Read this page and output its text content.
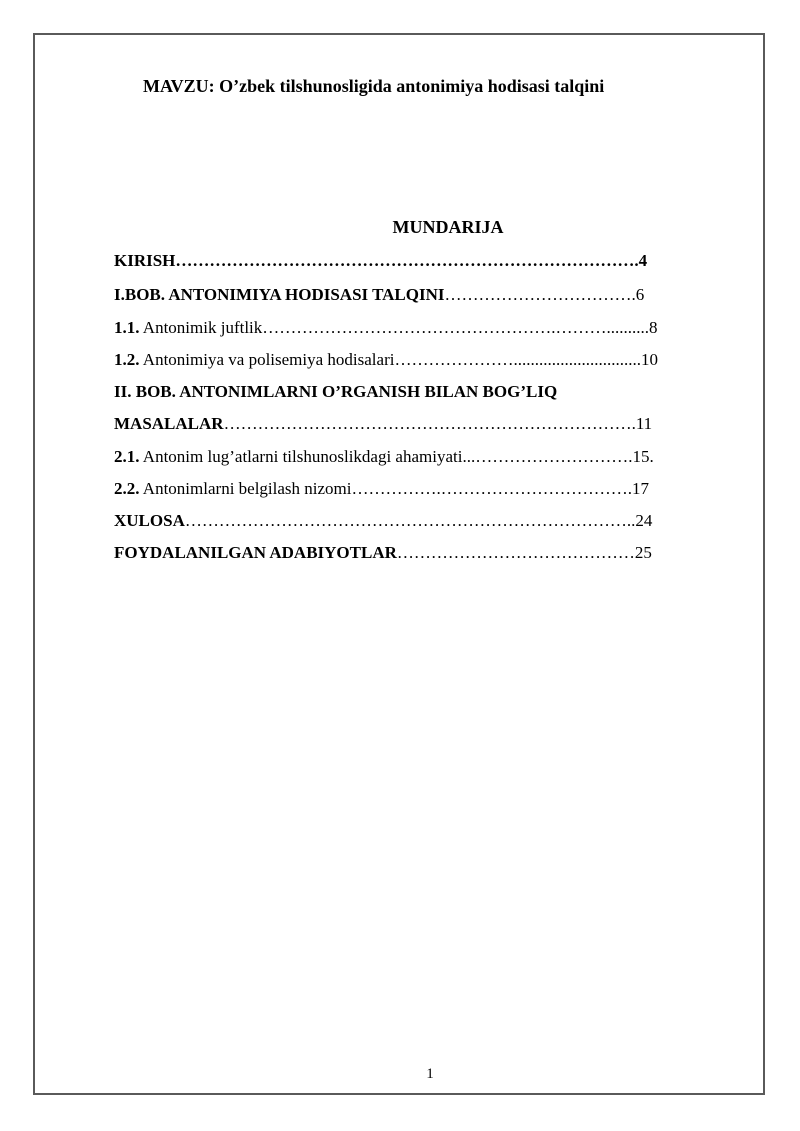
MAVZU: O’zbek tilshunosligida antonimiya hodisasi talqini
MUNDARIJA
KIRISH……………………………………………………………………….4
I.BOB. ANTONIMIYA HODISASI TALQINI…………………………….6
1.1. Antonimik juftlik…………………………………………….………..........8
1.2. Antonimiya va polisemiya hodisalari…………………..............................10
II. BOB. ANTONIMLARNI O’RGANISH BILAN BOG’LIQ
MASALALAR……………………………………………………………….11
2.1. Antonim lug’atlarni tilshunoslikdagi ahamiyati...……………………….15.
2.2. Antonimlarni belgilash nizomi…………….…………………………….17
XULOSA……………………………………………………………………..24
FOYDALANILGAN ADABIYOTLAR……………………………………25
1
